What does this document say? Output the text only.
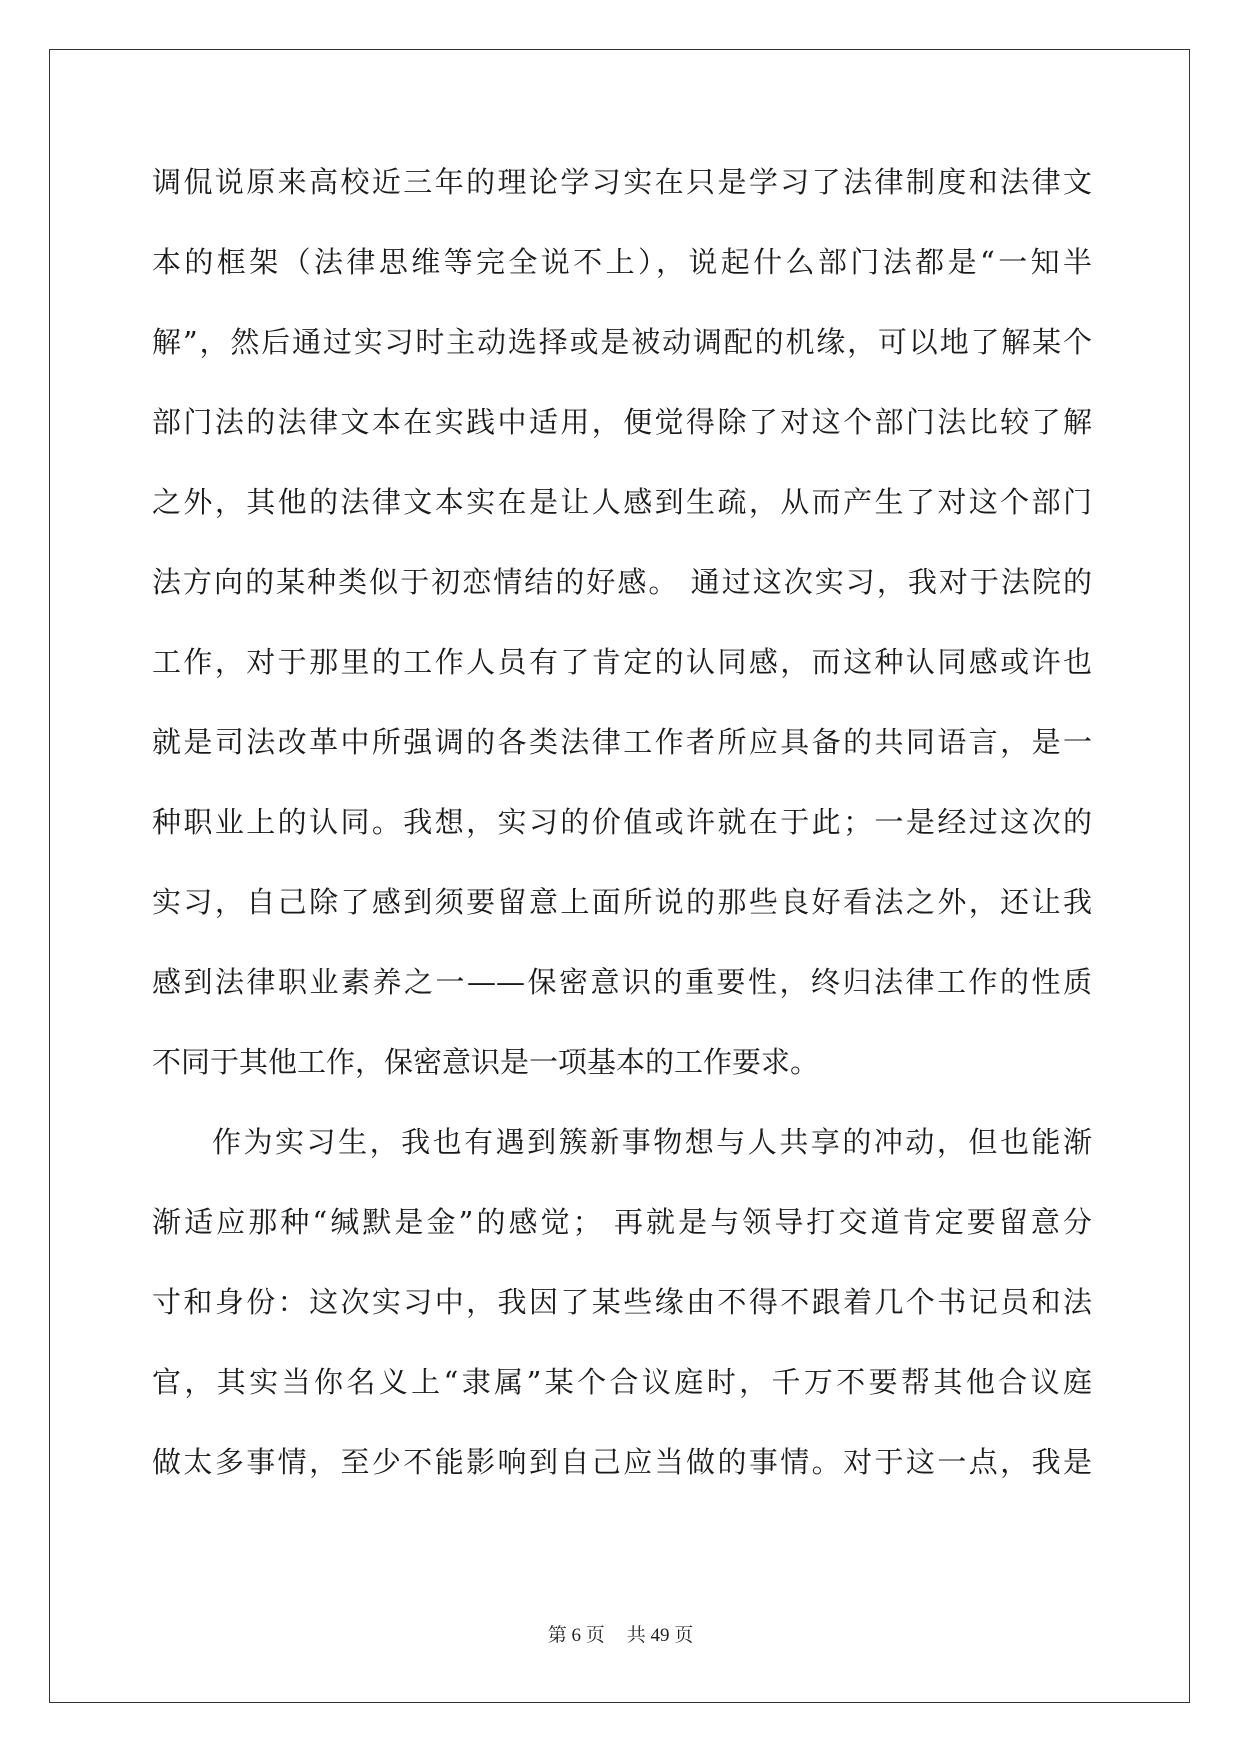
调侃说原来高校近三年的理论学习实在只是学习了法律制度和法律文
本的框架（法律思维等完全说不上），说起什么部门法都是“一知半
解”，然后通过实习时主动选择或是被动调配的机缘，可以地了解某个
部门法的法律文本在实践中适用，便觉得除了对这个部门法比较了解
之外，其他的法律文本实在是让人感到生疏，从而产生了对这个部门
法方向的某种类似于初恋情结的好感。 通过这次实习，我对于法院的
工作，对于那里的工作人员有了肯定的认同感，而这种认同感或许也
就是司法改革中所强调的各类法律工作者所应具备的共同语言，是一
种职业上的认同。我想，实习的价值或许就在于此；一是经过这次的
实习，自己除了感到须要留意上面所说的那些良好看法之外，还让我
感到法律职业素养之一——保密意识的重要性，终归法律工作的性质
不同于其他工作，保密意识是一项基本的工作要求。
作为实习生，我也有遇到簇新事物想与人共享的冲动，但也能渐
渐适应那种“缄默是金”的感觉； 再就是与领导打交道肯定要留意分
寸和身份：这次实习中，我因了某些缘由不得不跟着几个书记员和法
官，其实当你名义上“隶属”某个合议庭时，千万不要帮其他合议庭
做太多事情，至少不能影响到自己应当做的事情。对于这一点，我是
第 6 页 共 49 页
